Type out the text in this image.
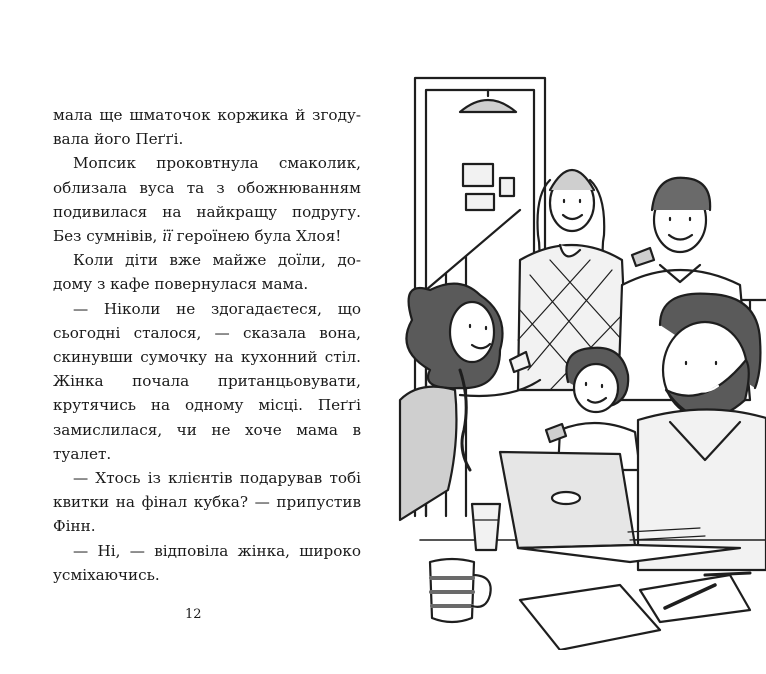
мала ще шматочок коржика й згодувала його Пеґґі.

Мопсик проковтнула смаколик, облизала вуса та з обожнюванням подивилася на найкращу подругу. Без сумнівів, її героїнею була Хлоя!

Коли діти вже майже доїли, додому з кафе повернулася мама.

— Ніколи не здогадаєтеся, що сьогодні сталося, — сказала вона, скинувши сумочку на кухонний стіл. Жінка почала пританцьовувати, крутячись на одному місці. Пеґґі замислилася, чи не хоче мама в туалет.

— Хтось із клієнтів подарував тобі квитки на фінал кубка? — припустив Фінн.

— Ні, — відповіла жінка, широко усміхаючись.

12
